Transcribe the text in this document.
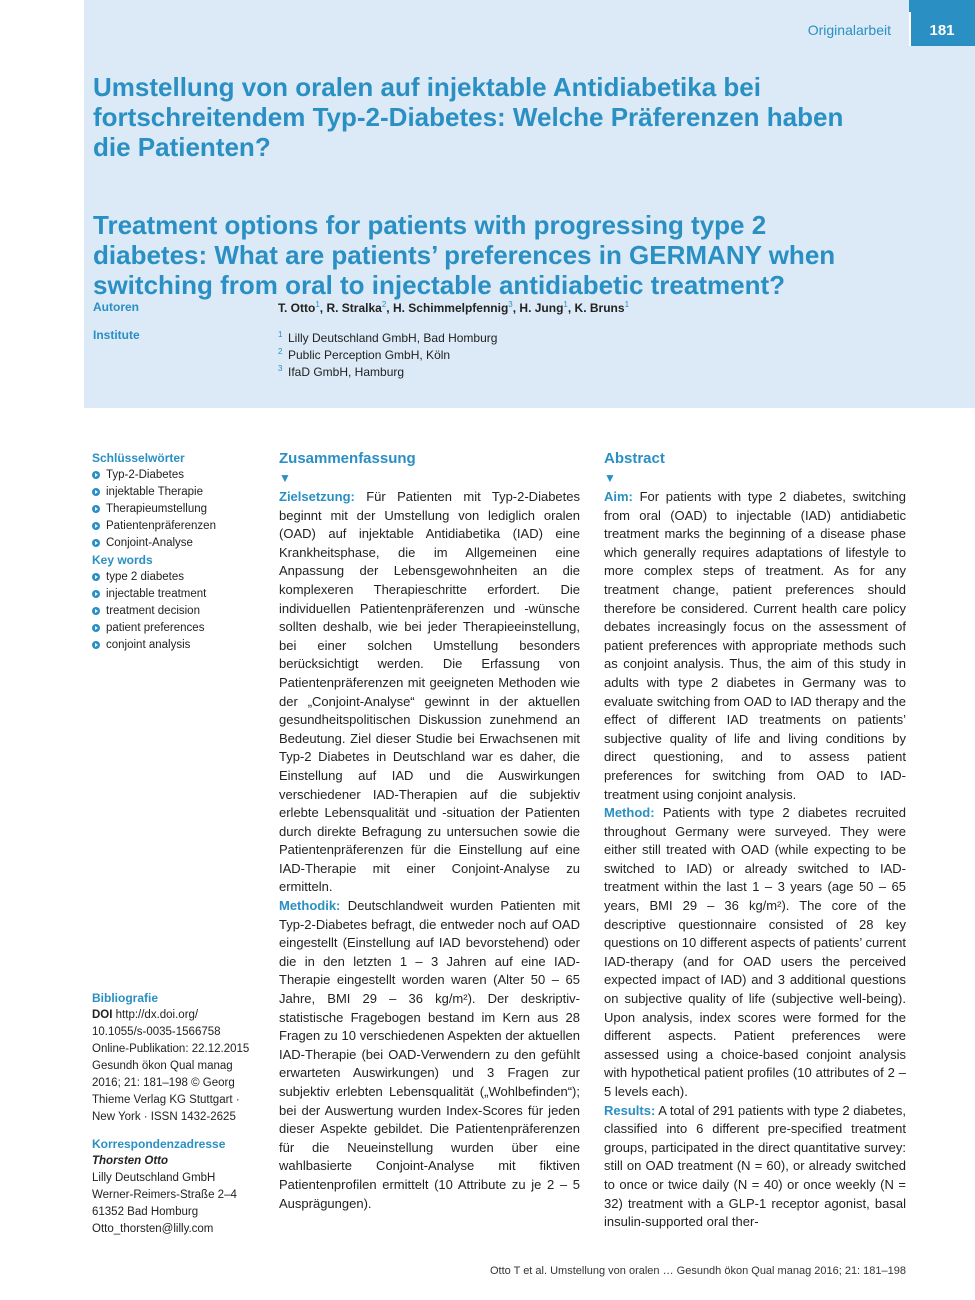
Originalarbeit	181
Umstellung von oralen auf injektable Antidiabetika bei fortschreitendem Typ-2-Diabetes: Welche Präferenzen haben die Patienten?
Treatment options for patients with progressing type 2 diabetes: What are patients’ preferences in GERMANY when switching from oral to injectable antidiabetic treatment?
Autoren	T. Otto$^1$, R. Stralka$^2$, H. Schimmelpfennig$^3$, H. Jung$^1$, K. Bruns$^1$
Institute	$^1$ Lilly Deutschland GmbH, Bad Homburg
$^2$ Public Perception GmbH, Köln
$^3$ IfaD GmbH, Hamburg
Schlüsselwörter
Typ-2-Diabetes
injektable Therapie
Therapieumstellung
Patientenpräferenzen
Conjoint-Analyse
Key words
type 2 diabetes
injectable treatment
treatment decision
patient preferences
conjoint analysis
Bibliografie
DOI http://dx.doi.org/
10.1055/s-0035-1566758
Online-Publikation: 22.12.2015
Gesundh ökon Qual manag
2016; 21: 181–198 © Georg
Thieme Verlag KG Stuttgart ·
New York · ISSN 1432-2625
Korrespondenzadresse
Thorsten Otto
Lilly Deutschland GmbH
Werner-Reimers-Straße 2–4
61352 Bad Homburg
Otto_thorsten@lilly.com
Zusammenfassung
▼

Zielsetzung: Für Patienten mit Typ-2-Diabetes beginnt mit der Umstellung von lediglich oralen (OAD) auf injektable Antidiabetika (IAD) eine Krankheitsphase, die im Allgemeinen eine Anpassung der Lebensgewohnheiten an die komplexeren Therapieschritte erfordert. Die individuellen Patientenpräferenzen und -wünsche sollten deshalb, wie bei jeder Therapieeinstellung, bei einer solchen Umstellung besonders berücksichtigt werden. Die Erfassung von Patientenpräferenzen mit geeigneten Methoden wie der „Conjoint-Analyse“ gewinnt in der aktuellen gesundheitspolitischen Diskussion zunehmend an Bedeutung. Ziel dieser Studie bei Erwachsenen mit Typ-2 Diabetes in Deutschland war es daher, die Einstellung auf IAD und die Auswirkungen verschiedener IAD-Therapien auf die subjektiv erlebte Lebensqualität und -situation der Patienten durch direkte Befragung zu untersuchen sowie die Patientenpräferenzen für die Einstellung auf eine IAD-Therapie mit einer Conjoint-Analyse zu ermitteln.

Methodik: Deutschlandweit wurden Patienten mit Typ-2-Diabetes befragt, die entweder noch auf OAD eingestellt (Einstellung auf IAD bevorstehend) oder die in den letzten 1 – 3 Jahren auf eine IAD-Therapie eingestellt worden waren (Alter 50 – 65 Jahre, BMI 29 – 36 kg/m²). Der deskriptiv-statistische Fragebogen bestand im Kern aus 28 Fragen zu 10 verschiedenen Aspekten der aktuellen IAD-Therapie (bei OAD-Verwendern zu den gefühlt erwarteten Auswirkungen) und 3 Fragen zur subjektiv erlebten Lebensqualität („Wohlbefinden“); bei der Auswertung wurden Index-Scores für jeden dieser Aspekte gebildet. Die Patientenpräferenzen für die Neueinstellung wurden über eine wahlbasierte Conjoint-Analyse mit fiktiven Patientenprofilen ermittelt (10 Attribute zu je 2 – 5 Ausprägungen).

Abstract
▼

Aim: For patients with type 2 diabetes, switching from oral (OAD) to injectable (IAD) antidiabetic treatment marks the beginning of a disease phase which generally requires adaptations of lifestyle to more complex steps of treatment. As for any treatment change, patient preferences should therefore be considered. Current health care policy debates increasingly focus on the assessment of patient preferences with appropriate methods such as conjoint analysis. Thus, the aim of this study in adults with type 2 diabetes in Germany was to evaluate switching from OAD to IAD therapy and the effect of different IAD treatments on patients’ subjective quality of life and living conditions by direct questioning, and to assess patient preferences for switching from OAD to IAD-treatment using conjoint analysis.

Method: Patients with type 2 diabetes recruited throughout Germany were surveyed. They were either still treated with OAD (while expecting to be switched to IAD) or already switched to IAD-treatment within the last 1 – 3 years (age 50 – 65 years, BMI 29 – 36 kg/m²). The core of the descriptive questionnaire consisted of 28 key questions on 10 different aspects of patients’ current IAD-therapy (and for OAD users the perceived expected impact of IAD) and 3 additional questions on subjective quality of life (subjective well-being). Upon analysis, index scores were formed for the different aspects. Patient preferences were assessed using a choice-based conjoint analysis with hypothetical patient profiles (10 attributes of 2 – 5 levels each).

Results: A total of 291 patients with type 2 diabetes, classified into 6 different pre-specified treatment groups, participated in the direct quantitative survey: still on OAD treatment (N = 60), or already switched to once or twice daily (N = 40) or once weekly (N = 32) treatment with a GLP-1 receptor agonist, basal insulin-supported oral ther-

Otto T et al. Umstellung von oralen … Gesundh ökon Qual manag 2016; 21: 181–198
